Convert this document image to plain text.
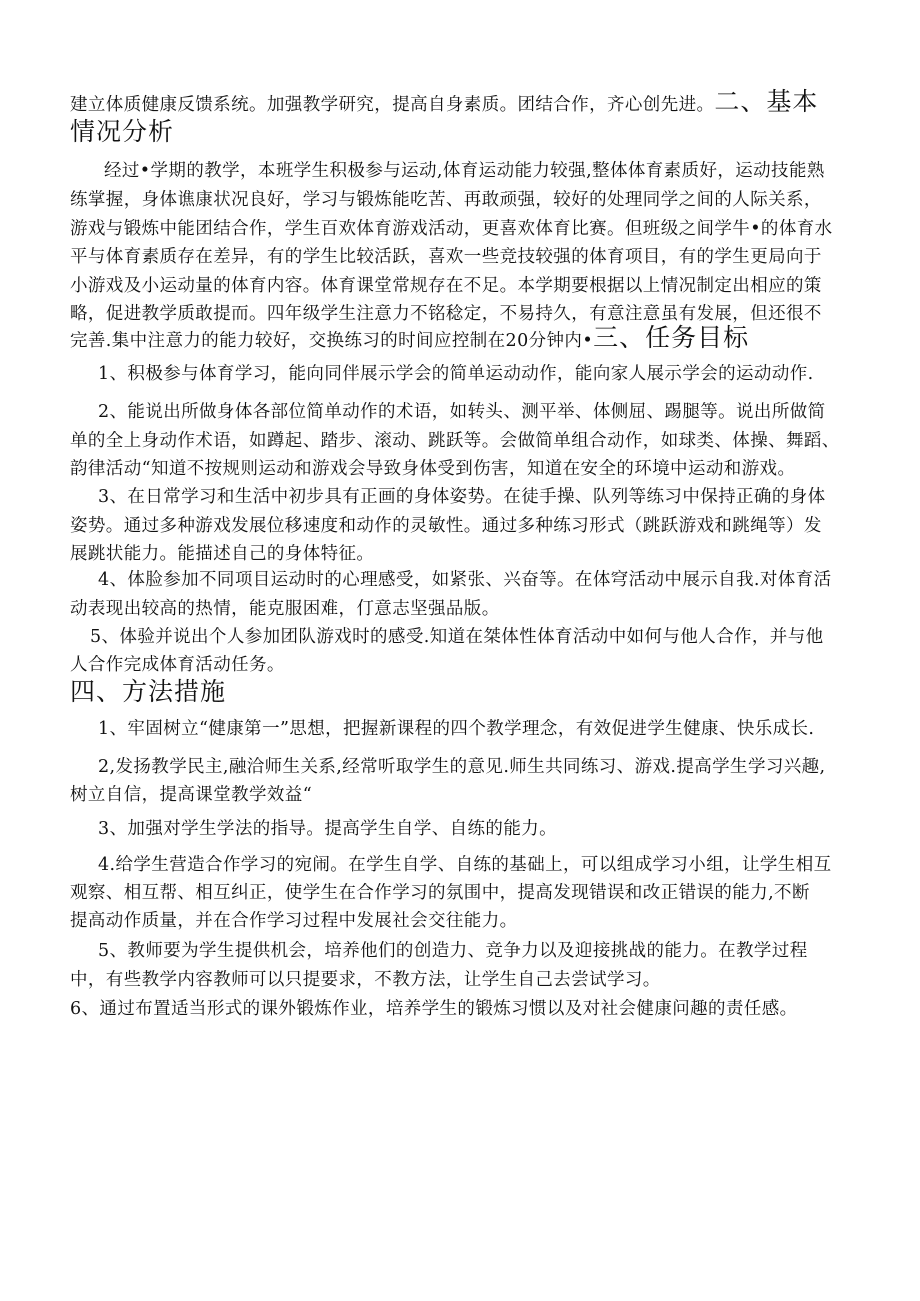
建立体质健康反馈系统。加强教学研究，提高自身素质。团结合作，齐心创先进。二、基本
情况分析
经过•学期的教学，本班学生积极参与运动,体育运动能力较强,整体体育素质好，运动技能熟
练掌握，身体谯康状况良好，学习与锻炼能吃苦、再敢顽强，较好的处理同学之间的人际关系，
游戏与锻炼中能团结合作，学生百欢体育游戏活动，更喜欢体育比赛。但班级之间学牛•的体育水
平与体育素质存在差异，有的学生比较活跃，喜欢一些竞技较强的体育项目，有的学生更局向于
小游戏及小运动量的体育内容。体育课堂常规存在不足。本学期要根据以上情况制定出相应的策
略，促进教学质敢提而。四年级学生注意力不铭稔定，不易持久，有意注意虽有发展，但还很不
完善.集中注意力的能力较好，交换练习的时间应控制在20分钟内•三、任务目标
1、积极参与体育学习，能向同伴展示学会的简单运动动作，能向家人展示学会的运动动作.
2、能说出所做身体各部位简单动作的术语，如转头、测平举、体侧屈、踢腿等。说出所做简
单的全上身动作术语，如蹲起、踏步、滚动、跳跃等。会做简单组合动作，如球类、体操、舞蹈、
韵律活动“知道不按规则运动和游戏会导致身体受到伤害，知道在安全的环境中运动和游戏。
3、在日常学习和生活中初步具有正画的身体姿势。在徒手操、队列等练习中保持正确的身体
姿势。通过多种游戏发展位移速度和动作的灵敏性。通过多种练习形式（跳跃游戏和跳绳等）发
展跳状能力。能描述自己的身体特征。
4、体脸参加不同项目运动时的心理感受，如紧张、兴奋等。在体穹活动中展示自我.对体育活
动表现出较高的热情，能克服困难，仃意志坚强品版。
5、体验并说出个人参加团队游戏时的感受.知道在桀体性体育活动中如何与他人合作，并与他
人合作完成体育活动任务。
四、方法措施
1、牢固树立“健康第一”思想，把握新课程的四个教学理念，有效促进学生健康、快乐成长.
2,发扬教学民主,融洽师生关系,经常听取学生的意见.师生共同练习、游戏.提高学生学习兴趣,
树立自信，提高课堂教学效益“
3、加强对学生学法的指导。提高学生自学、自练的能力。
4.给学生营造合作学习的宛闹。在学生自学、自练的基础上，可以组成学习小组，让学生相互
观察、相互帮、相互纠正，使学生在合作学习的氛围中，提高发现错误和改正错误的能力,不断
提高动作质量，并在合作学习过程中发展社会交往能力。
5、教师要为学生提供机会，培养他们的创造力、竞争力以及迎接挑战的能力。在教学过程
中，有些教学内容教师可以只提要求，不教方法，让学生自己去尝试学习。
6、通过布置适当形式的课外锻炼作业，培养学生的锻炼习惯以及对社会健康问趣的责任感。
